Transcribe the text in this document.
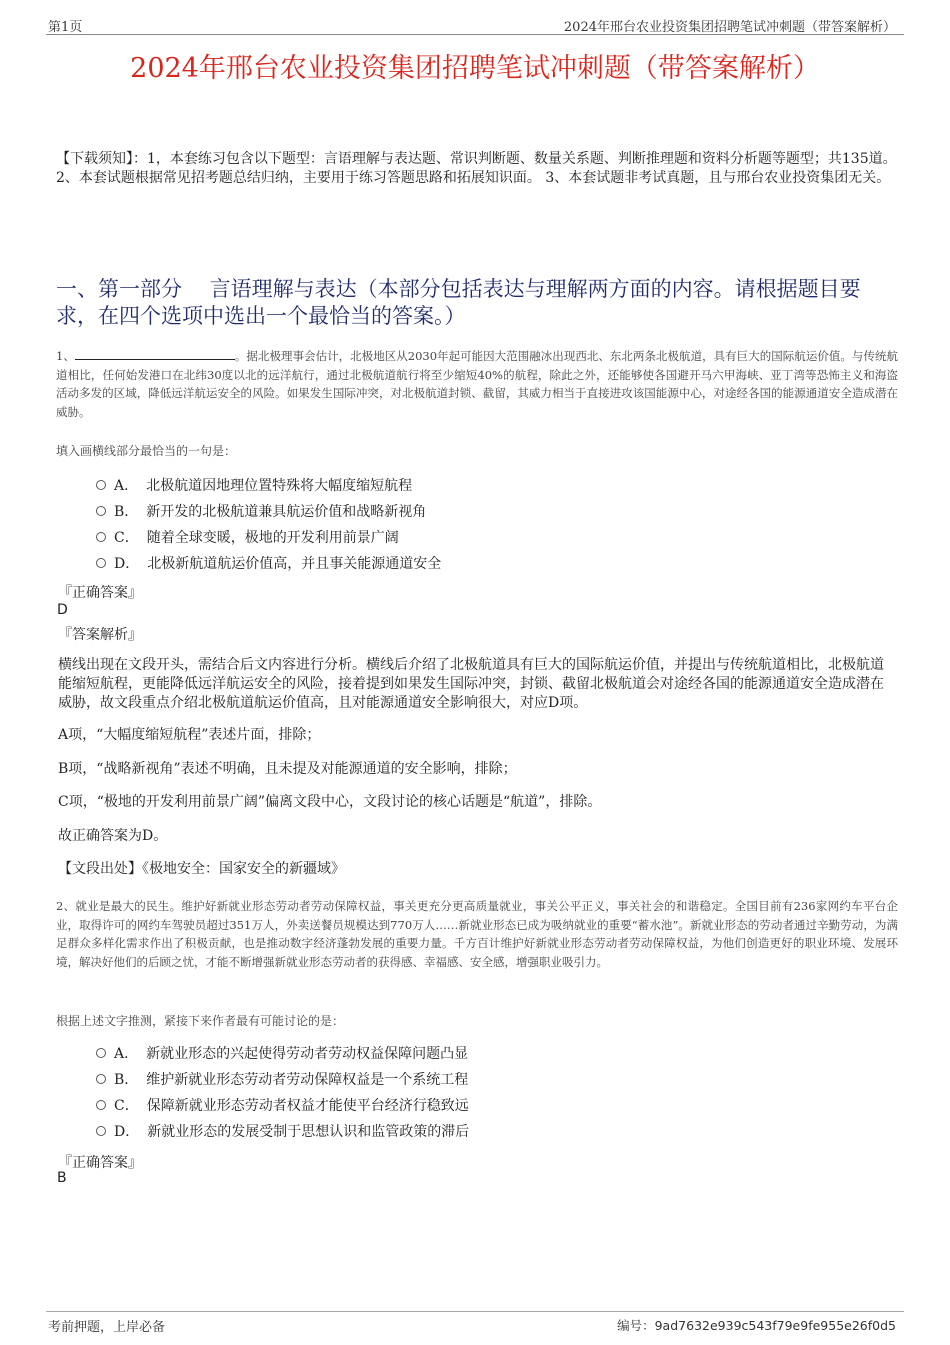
第1页	2024年邢台农业投资集团招聘笔试冲刺题（带答案解析）
2024年邢台农业投资集团招聘笔试冲刺题（带答案解析）
【下载须知】：1，本套练习包含以下题型：言语理解与表达题、常识判断题、数量关系题、判断推理题和资料分析题等题型；共135道。 2、本套试题根据常见招考题总结归纳，主要用于练习答题思路和拓展知识面。 3、本套试题非考试真题，且与邢台农业投资集团无关。
一、第一部分　 言语理解与表达（本部分包括表达与理解两方面的内容。请根据题目要求，在四个选项中选出一个最恰当的答案。）
1、	。据北极理事会估计，北极地区从2030年起可能因大范围融冰出现西北、东北两条北极航道，具有巨大的国际航运价值。与传统航道相比，任何始发港口在北纬30度以北的远洋航行，通过北极航道航行将至少缩短40%的航程，除此之外，还能够使各国避开马六甲海峡、亚丁湾等恐怖主义和海盗活动多发的区域，降低远洋航运安全的风险。如果发生国际冲突，对北极航道封锁、截留，其威力相当于直接进攻该国能源中心，对途经各国的能源通道安全造成潜在威胁。
填入画横线部分最恰当的一句是：
A． 北极航道因地理位置特殊将大幅度缩短航程
B． 新开发的北极航道兼具航运价值和战略新视角
C． 随着全球变暖，极地的开发利用前景广阔
D． 北极新航道航运价值高，并且事关能源通道安全
『正确答案』
D
『答案解析』
横线出现在文段开头，需结合后文内容进行分析。横线后介绍了北极航道具有巨大的国际航运价值，并提出与传统航道相比，北极航道能缩短航程，更能降低远洋航运安全的风险，接着提到如果发生国际冲突，封锁、截留北极航道会对途经各国的能源通道安全造成潜在威胁，故文段重点介绍北极航道航运价值高，且对能源通道安全影响很大，对应D项。
A项，“大幅度缩短航程”表述片面，排除；
B项，“战略新视角”表述不明确，且未提及对能源通道的安全影响，排除；
C项，“极地的开发利用前景广阔”偏离文段中心，文段讨论的核心话题是“航道”，排除。
故正确答案为D。
【文段出处】《极地安全：国家安全的新疆域》
2、就业是最大的民生。维护好新就业形态劳动者劳动保障权益，事关更充分更高质量就业，事关公平正义，事关社会的和谐稳定。全国目前有236家网约车平台企业，取得许可的网约车驾驶员超过351万人，外卖送餐员规模达到770万人……新就业形态已成为吸纳就业的重要“蓄水池”。新就业形态的劳动者通过辛勤劳动，为满足群众多样化需求作出了积极贡献，也是推动数字经济蓬勃发展的重要力量。千方百计维护好新就业形态劳动者劳动保障权益，为他们创造更好的职业环境、发展环境，解决好他们的后顾之忧，才能不断增强新就业形态劳动者的获得感、幸福感、安全感，增强职业吸引力。
根据上述文字推测，紧接下来作者最有可能讨论的是：
A． 新就业形态的兴起使得劳动者劳动权益保障问题凸显
B． 维护新就业形态劳动者劳动保障权益是一个系统工程
C． 保障新就业形态劳动者权益才能使平台经济行稳致远
D． 新就业形态的发展受制于思想认识和监管政策的滞后
『正确答案』
B
考前押题，上岸必备	编号：9ad7632e939c543f79e9fe955e26f0d5
